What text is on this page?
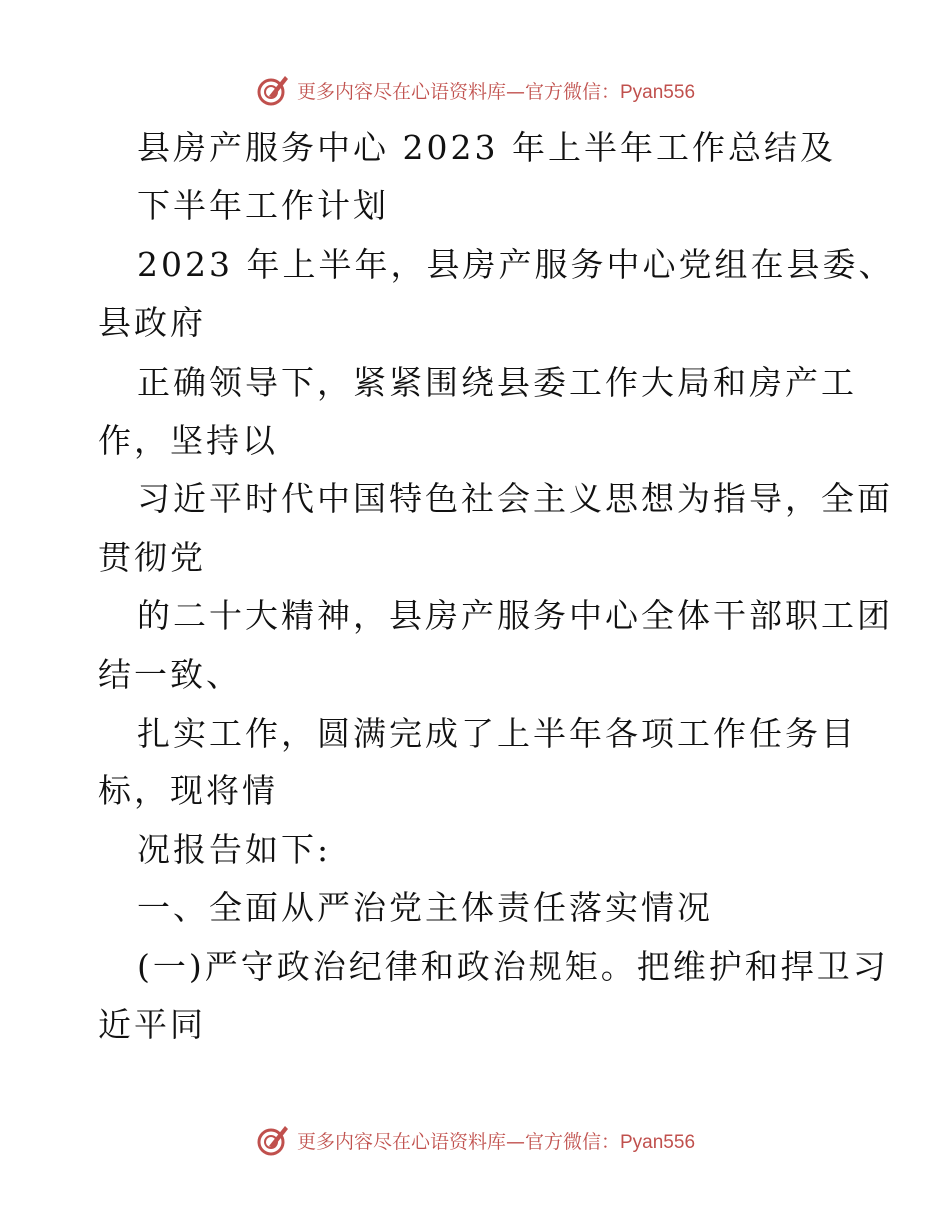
更多内容尽在心语资料库—官方微信：Pyan556
县房产服务中心 2023 年上半年工作总结及
下半年工作计划
2023 年上半年，县房产服务中心党组在县委、
县政府
正确领导下，紧紧围绕县委工作大局和房产工
作，坚持以
习近平时代中国特色社会主义思想为指导，全面
贯彻党
的二十大精神，县房产服务中心全体干部职工团
结一致、
扎实工作，圆满完成了上半年各项工作任务目
标，现将情
况报告如下:
一、全面从严治党主体责任落实情况
(一)严守政治纪律和政治规矩。把维护和捍卫习
近平同
更多内容尽在心语资料库—官方微信：Pyan556
